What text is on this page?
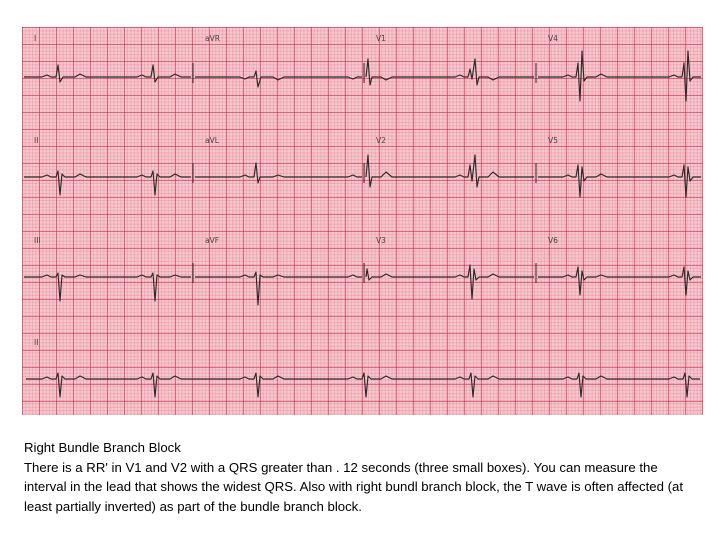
I	aVR	V1	V4
II	aVL	V2	V5
III	aVF	V3	V6
II

Right Bundle Branch Block

There is a RR' in V1 and V2 with a QRS greater than . 12 seconds (three small boxes). You can measure the interval in the lead that shows the widest QRS. Also with right bundl branch block, the T wave is often affected (at least partially inverted) as part of the bundle branch block.
